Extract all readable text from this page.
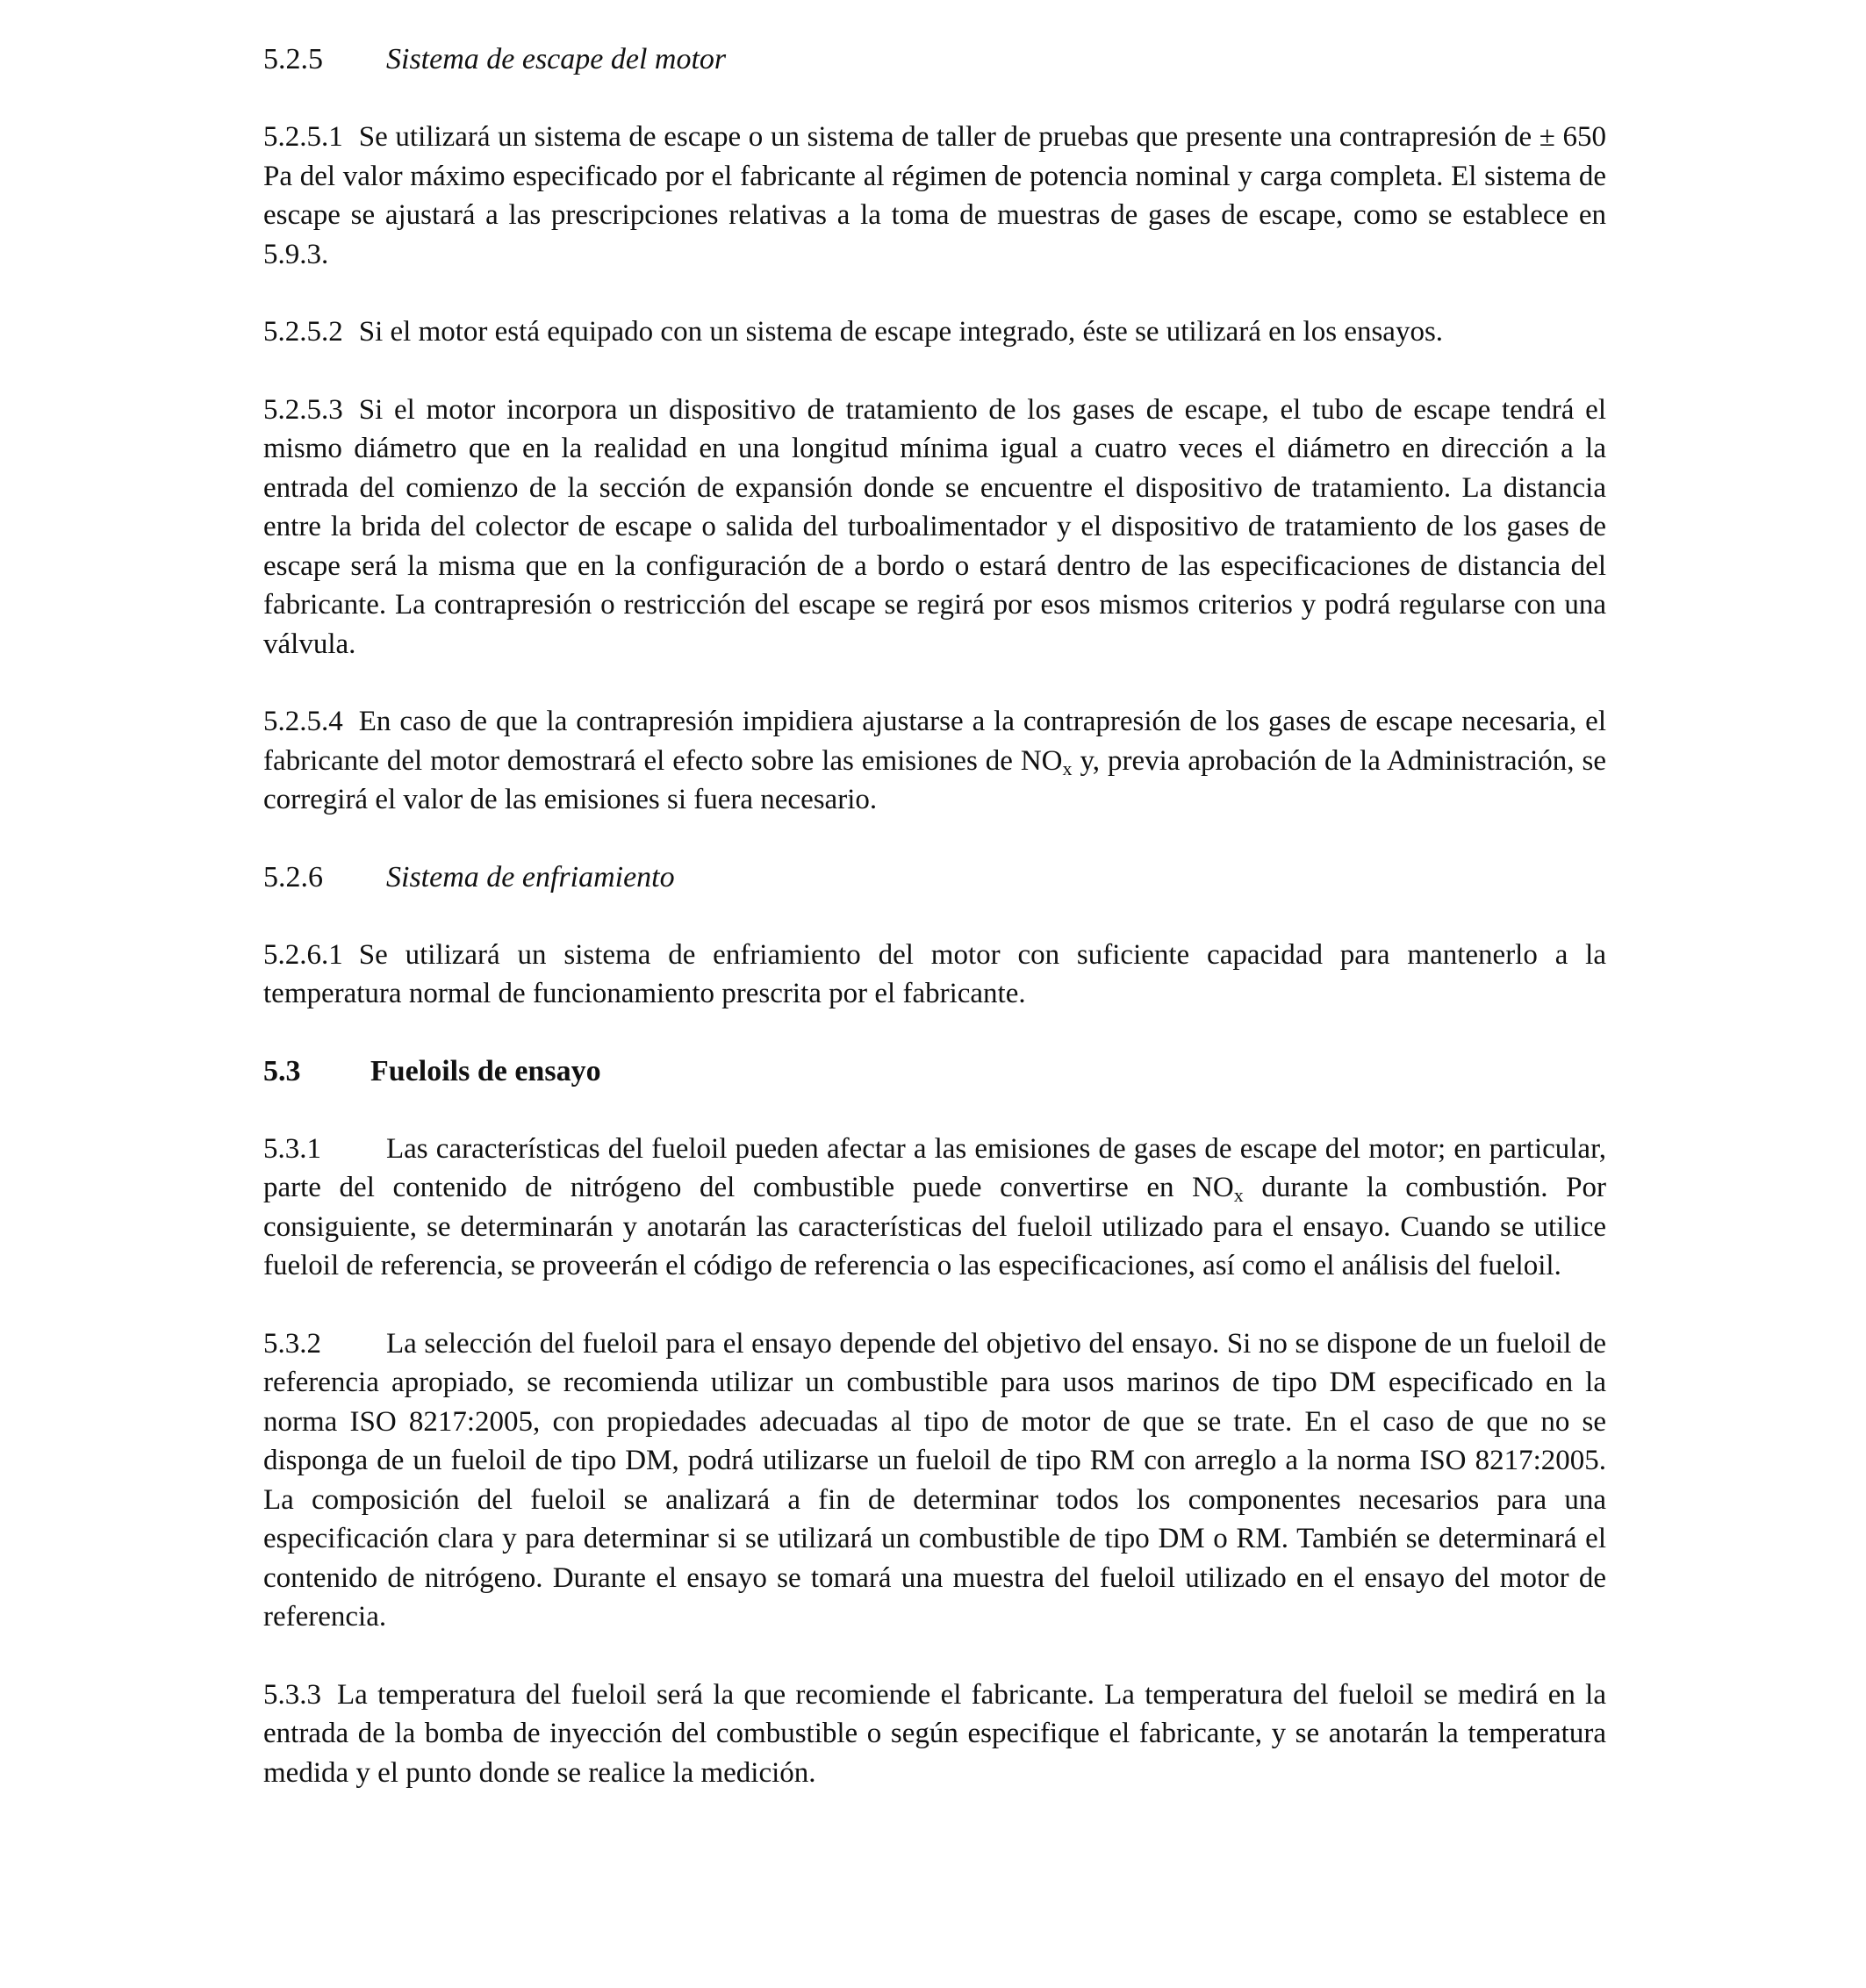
5.2.5 Sistema de escape del motor

5.2.5.1 Se utilizará un sistema de escape o un sistema de taller de pruebas que presente una contrapresión de ± 650 Pa del valor máximo especificado por el fabricante al régimen de potencia nominal y carga completa. El sistema de escape se ajustará a las prescripciones relativas a la toma de muestras de gases de escape, como se establece en 5.9.3.

5.2.5.2 Si el motor está equipado con un sistema de escape integrado, éste se utilizará en los ensayos.

5.2.5.3 Si el motor incorpora un dispositivo de tratamiento de los gases de escape, el tubo de escape tendrá el mismo diámetro que en la realidad en una longitud mínima igual a cuatro veces el diámetro en dirección a la entrada del comienzo de la sección de expansión donde se encuentre el dispositivo de tratamiento. La distancia entre la brida del colector de escape o salida del turboalimentador y el dispositivo de tratamiento de los gases de escape será la misma que en la configuración de a bordo o estará dentro de las especificaciones de distancia del fabricante. La contrapresión o restricción del escape se regirá por esos mismos criterios y podrá regularse con una válvula.

5.2.5.4 En caso de que la contrapresión impidiera ajustarse a la contrapresión de los gases de escape necesaria, el fabricante del motor demostrará el efecto sobre las emisiones de $NO_x$ y, previa aprobación de la Administración, se corregirá el valor de las emisiones si fuera necesario.

5.2.6 Sistema de enfriamiento

5.2.6.1 Se utilizará un sistema de enfriamiento del motor con suficiente capacidad para mantenerlo a la temperatura normal de funcionamiento prescrita por el fabricante.

5.3 Fueloils de ensayo

5.3.1 Las características del fueloil pueden afectar a las emisiones de gases de escape del motor; en particular, parte del contenido de nitrógeno del combustible puede convertirse en $NO_x$ durante la combustión. Por consiguiente, se determinarán y anotarán las características del fueloil utilizado para el ensayo. Cuando se utilice fueloil de referencia, se proveerán el código de referencia o las especificaciones, así como el análisis del fueloil.

5.3.2 La selección del fueloil para el ensayo depende del objetivo del ensayo. Si no se dispone de un fueloil de referencia apropiado, se recomienda utilizar un combustible para usos marinos de tipo DM especificado en la norma ISO 8217:2005, con propiedades adecuadas al tipo de motor de que se trate. En el caso de que no se disponga de un fueloil de tipo DM, podrá utilizarse un fueloil de tipo RM con arreglo a la norma ISO 8217:2005. La composición del fueloil se analizará a fin de determinar todos los componentes necesarios para una especificación clara y para determinar si se utilizará un combustible de tipo DM o RM. También se determinará el contenido de nitrógeno. Durante el ensayo se tomará una muestra del fueloil utilizado en el ensayo del motor de referencia.

5.3.3 La temperatura del fueloil será la que recomiende el fabricante. La temperatura del fueloil se medirá en la entrada de la bomba de inyección del combustible o según especifique el fabricante, y se anotarán la temperatura medida y el punto donde se realice la medición.
